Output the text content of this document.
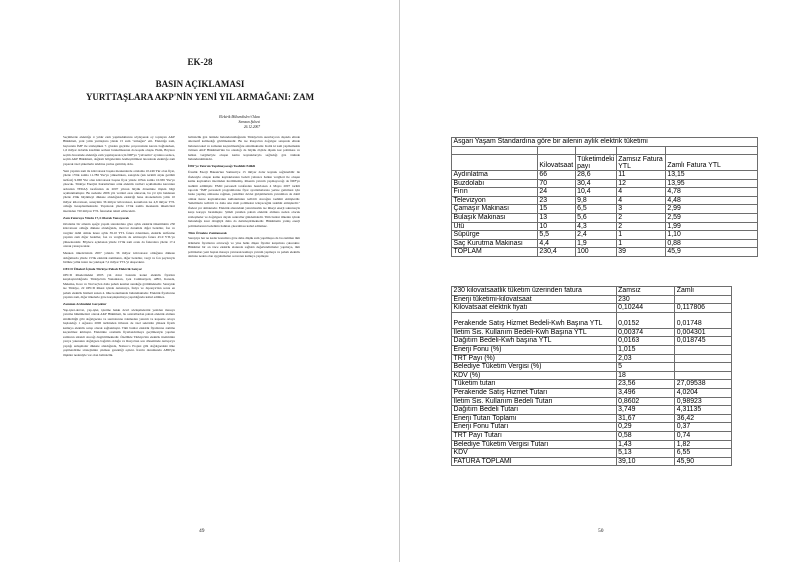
EK-28
BASIN AÇIKLAMASI
YURTTAŞLARA AKP'NİN YENİ YIL ARMAĞANI: ZAM
Elektrik Mühendisleri Odası
Samsun Şubesi
26.12.2007

Seçimlerde elektriğe 4 yıldır zam yapmadıklarını söyleyerek oy toplayan AKP Hükümeti, yeni yılda yurttaşlara yüzde 15 zam "armağan" etti. Elektriğe zam, başvurula İMF ile sözleştiken 7. gözden geçirme çerçevesinde karara bağlanırken, 1,6 milyar dolarlık kredinin serbest bırakılmasının da koşulu oluştu. Ekim, Böylece seçim öncesinde elektriğe zam yapmayarak için İMF'ye "yalvarma" ayrıntısı sadece, seçim AKP Hükümeti, dağıtım bölgelerinin özelleştirilmesi öncesinde elektriğe zam yaparak özel şirketlerin talebine yerine getirmiş oldu.

Yeni yapılan zam ile kilovatsaat başına meskenlerde ortalama 10.246 Ykr olan fiyat, yüzde 15'lik zamla 11.786 Ykr'ye yükselirken, sanayide (tek terimli alçak gerilim tarifesi) 9.968 Ykr olan kilovatsaat başına fiyat yüzde 10'luk zamla 10.965 Ykr'ye çıkacak. Türkiye Enerjisi Kurumu'nun artık elektrik verileri açıklamama kararının ardından TEDAŞ tarafından da 2007 yılının büyük dönemine ilişkin bilgi açıklanmamıştır. Bu nedenle 2006 yılı verileri esas alınacak, bu yıl için beklenen yüzde 4'lük büyümeyi dikkate alındığında elektriği hane abonelerinin yılda 10 milyar kilovatsaat, sanayinin 36 milyar kilovatsaat, konutların ise 4,8 milyar YTL olduğu hesaplanmaktadır. Yapılacak yüzde 15'lik zamla meskenin tüketicileri üzerinden 720 milyon YTL faturadan tahsil edilecektir.

Zam Faturaya Yüzde 17,4 Olarak Yansıyacak

Ortalama bir ailenin aşağıt yaşam standardına göre aylık elektrik tüketiminin 230 kilovatsaat olduğu dikkate alındığında, mevcut durumda diğer bedeller, fon ve vergiler dahil olmak üzere aylık 39.10 YTL fatura ödenirken, elektrik tarifesine yapılan zam diğer bedeller, fon ve vergilerin de artmasıyla fatura 45.9 YTL'ye yükselecektir. Böylece açıklanan yüzde 15'lik zam oranı da faturalara yüzde 17.4 olarak yansıyacaktır.

Mesken tüketicisinin 2007 yılında 36 milyar kilovatsaat olduğunu dikkate aldığımızda yüzde 15'lik elektrik zammının, diğer bedeller, vergi ve fon paylarıyla birlikte yıllık tutarı ise yaklaşık 7,2 milyar YTL'yi ulaşacaktır.

OECD Ülkeleri İçinde Türkiye Pahalı Elektrik Satıyor

OECD ülkelerindeki 2005 yılı dolar bazında konut elektrik fiyatları karşılaştırıldığında Türkiye'nin Yunanistan, Çek Cumhuriyeti, ABD, Kanada, Meksika, Kore ve Norveç'ten daha pahalı kesmet sunduğu görülmektedir. Sanayide ise Türkiye, 22 OECD ülkesi içinde Avusturya, İtalya ve Japonya'dan sonra en pahalı elektrik hizmeti sunan 4. ülke konumunda bulunmaktadır. Elektrik fiyatlarına yapılan zam, diğer ülkelerle göre karşılaştırmaya yapıldığında kabul edilmez.

Zammın Ardındaki Gerçekler

Yap-işlet-devret, yap-işlet, işletme hakkı devri sözleşmelerini yeniden masaya yatırma hükümetleri olarak AKP Hükümeti, bu santrallardan pahalı elektrik alımını sürdürdüğü gibi doğalgazına ve santralarına ödemeden yatırım ve kapasite ortaya başlandığı 1 Ağustos 2006 tarihinden itibaren de özel sektörün yüksek fiyatlı kamuya elektrik satışı olarak sağlanmıştır. Tüm bunlar elektrik fiyatlarına zamma kaçınılmaz kılmıştır. Elektrikte otomatik fiyatlandırmaya geçilmesiyle yapılan zamların sürekli olacağı öngörülmektedir. Özellikle Türkiye'nin elektrik üretiminin yarıya yakınının doğalgaza bağımlı olduğu ve Rusya'nın son döneminde Avrupa'ya yaptığı anlaşmalar dikkate alındığında, Nabucco Projesi gibi doğalgazdaki ülke çeşitlendirme stratejisinin çıkması gerektiği açıktır. İran'ın durumunda ABD'yle ilişkiler nedeniyle var olan belirsizlik.

belirsizlik göz önünde bulundurulduğunda Türkiye'nin Azerbaycan dışında elinde alternatif kalmadığı görülmektedir. Bu ise Rusya'nın doğalgaz satışında elinde bulunan tekel ve zamanın kaçınılmazlığını anlatmaktadır. Kaldı ki zam yapmamakla övünen AKP Hükümeti'nin bu olasılığı da büyük ölçüde dipsik kur politikası ve halkın vergileriyle oluşan kamu kaynaklarıyla sağladığı göz önünde bulundurulmalıdır.

İMF'ye Yatırım Yapılmayacağı Taahhüt Edildi

Üstelik Enerji Bakanı'nın Samsun'ye 15 milyar dolar kaynak sağlanabilir ile ifadesiyle oluşan kamu kaynaklarının bedeli yalnızca halkın vergileri ile oluşan kamu kaynakları üzerinden üretilmemiş, ülkenin yatırım yapmayacağı da İMF'ye taahhüt edilmiştir. EMO personeli tarafından hazırlanan 4 Mayıs 2007 tarihli raporda "İMF personeli programlarına fiyat ayarlamalarına yerine getirmesi için baskı yapmış olmasına rağmen, yetkililer devlet girişimlerinin yatırımları da dahil olmak üzere kaynaklarının kullanımının tedbirli olacağını taahhüt etmişlerdir. Yetkililerin tedbirli ve daha sıkı mali politikalar izleyeceğini taahhüt etmişlerdir." ifadesi yer almaktadır. Elektrik alanındaki yatırımsızlık ise ülkeyi enerji sıkıntısıyla karşı karşıya bırakmıştır. Şimdi yeniden pahalı elektrik alımına neden olacak sözleşmeler ve doğalgaza dayalı santraller gündemdedir. Tüm bunlar ülkenin içinde bulunduğu kısır döngüyü daha da derinleştirmektedir. Hükümetin yanlış enerji politikalarının bedelinin halktan çıkarılması kabul edilemez.

Tüm Örnekte Zamlanacak

Sanayiye her ne kadar konutlara göre daha düşük zam yapılmışsa da bu zammın tüm ürünlerin fiyatlarını artıracağı ve yine halkı düşen fiyatlar karşımıza çıkacaktır. Hükümet bir an önce elektrik alanında sağlıklı değerlendirmeler yapmaya, tüm politikaları yeni baştan masaya yatırarak kamuya yatırım yapmaya ve pahalı elektrik alımına neden olan uygulamaları sonveren kamuya yapmıştır.

49
Asgari Yaşam Standardına göre bir ailenin aylık elektrik tüketimi				

	Kilovatsaat	Tüketimdeki payı	Zamsız Fatura YTL	Zamlı Fatura YTL
Aydınlatma	66	28,6	11	13,15
Buzdolabı	70	30,4	12	13,95
Fırın	24	10,4	4	4,78
Televizyon	23	9,8	4	4,48
Çamaşır Makinası	15	6,5	3	2,99
Bulaşık Makinası	13	5,6	2	2,59
Ütü	10	4,3	2	1,99
Süpürge	5,5	2,4	1	1,10
Saç Kurutma Makinası	4,4	1,9	1	0,88
TOPLAM	230,4	100	39	45,9
230 kilovatsaatlik tüketim üzerinden fatura	Zamsız	Zamlı
Enerji tüketimi-kilovatsaat	230	
Kilovatsaat elektrik fiyatı	0,10244	0,117806
Perakende Satış Hizmet Bedeli-Kwh Başına YTL	0,0152	0,01748
İletim Sis. Kullanım Bedeli-Kwh Başına YTL	0,00374	0,004301
Dağıtım Bedeli-Kwh başına YTL	0,0163	0,018745
Enerji Fonu (%)	1,015	
TRT Payı (%)	2,03	
Belediye Tüketim Vergisi (%)	5	
KDV (%)	18	
Tüketim tutarı	23,56	27,09538
Perakende Satış Hizmet Tutarı	3,496	4,0204
İletim Sis. Kullanım Bedeli Tutarı	0,8602	0,98923
Dağıtım Bedeli Tutarı	3,749	4,31135
Enerji Tutarı Toplamı	31,67	36,42
Enerji Fonu Tutarı	0,29	0,37
TRT Payı Tutarı	0,58	0,74
Belediye Tüketim Vergisi Tutarı	1,43	1,82
KDV	5,13	6,55
FATURA TOPLAMI	39,10	45,90
50
